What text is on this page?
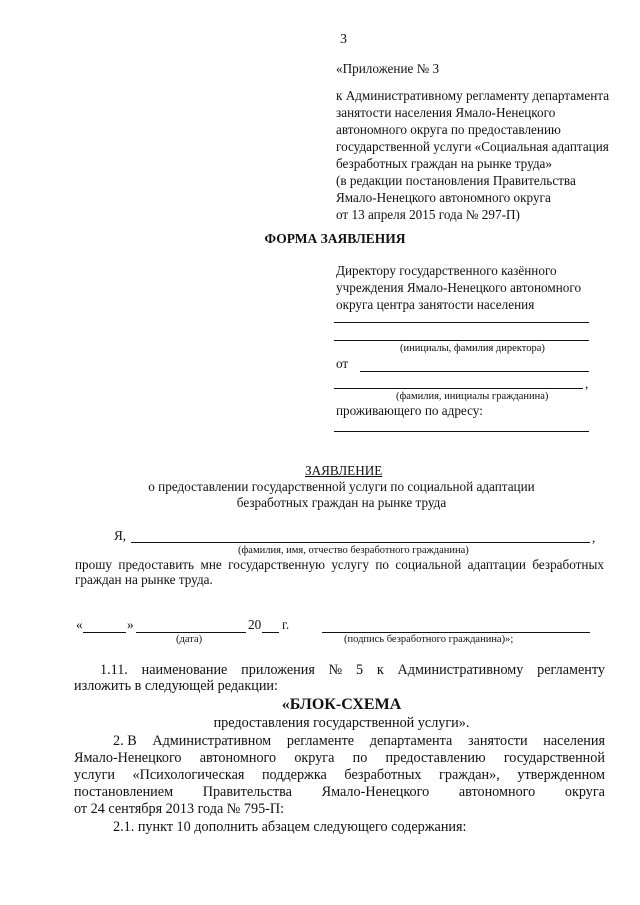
3
«Приложение № 3
к Административному регламенту департамента
занятости населения Ямало-Ненецкого
автономного округа по предоставлению
государственной услуги «Социальная адаптация
безработных граждан на рынке труда»
(в редакции постановления Правительства
Ямало-Ненецкого автономного округа
от 13 апреля 2015 года № 297-П)
ФОРМА ЗАЯВЛЕНИЯ
Директору государственного казённого
учреждения Ямало-Ненецкого автономного
округа центра занятости населения
(инициалы, фамилия директора)
от
,
(фамилия, инициалы гражданина)
проживающего по адресу:
ЗАЯВЛЕНИЕ
о предоставлении государственной услуги по социальной адаптации
безработных граждан на рынке труда
Я,	,
(фамилия, имя, отчество безработного гражданина)
прошу предоставить мне государственную услугу по социальной адаптации безработных
граждан на рынке труда.
«	»	20 г.
(дата)	(подпись безработного гражданина)»;
1.11. наименование приложения № 5 к Административному регламенту
изложить в следующей редакции:
«БЛОК-СХЕМА
предоставления государственной услуги».
2. В Административном регламенте департамента занятости населения
Ямало-Ненецкого автономного округа по предоставлению государственной
услуги «Психологическая поддержка безработных граждан», утвержденном
постановлением Правительства Ямало-Ненецкого автономного округа
от 24 сентября 2013 года № 795-П:
2.1. пункт 10 дополнить абзацем следующего содержания:
